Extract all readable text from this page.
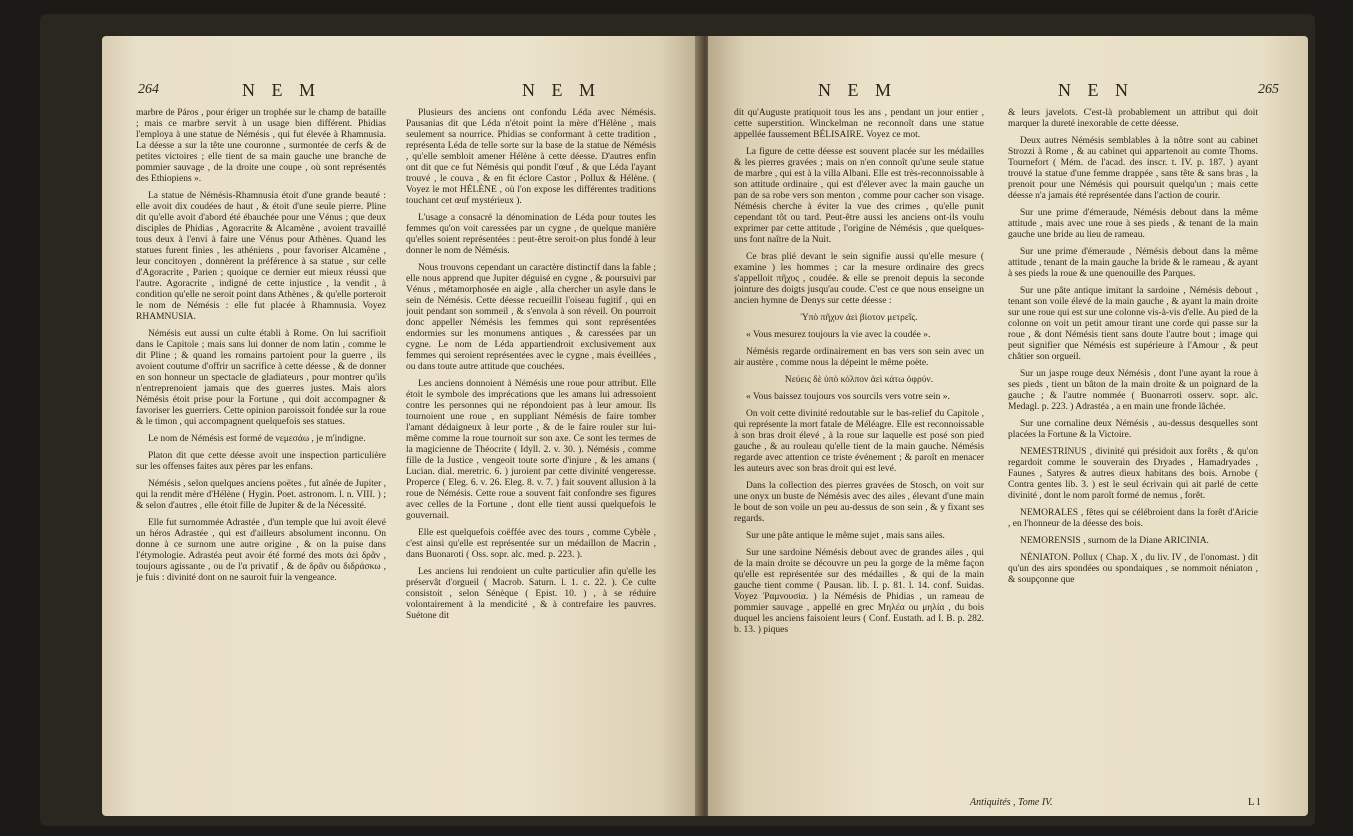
264	N E M	N E M

marbre de Páros , pour ériger un trophée sur le champ de bataille ; mais ce marbre servit à un usage bien différent. Phidias l'employa à une statue de Némésis , qui fut élevée à Rhamnusia. La déesse a sur la tête une couronne , surmontée de cerfs & de petites victoires ; elle tient de sa main gauche une branche de pommier sauvage , de la droite une coupe , où sont représentés des Ethiopiens ».

La statue de Némésis-Rhamnusia étoit d'une grande beauté : elle avoit dix coudées de haut , & étoit d'une seule pierre. Pline dit qu'elle avoit d'abord été ébauchée pour une Vénus ; que deux disciples de Phidias , Agoracrite & Alcamène , avoient travaillé tous deux à l'envi à faire une Vénus pour Athènes. Quand les statues furent finies , les athéniens , pour favoriser Alcamène , leur concitoyen , donnèrent la préférence à sa statue , sur celle d'Agoracrite , Parien ; quoique ce dernier eut mieux réussi que l'autre. Agoracrite , indigné de cette injustice , la vendit , à condition qu'elle ne seroit point dans Athènes , & qu'elle porteroit le nom de Némésis : elle fut placée à Rhamnusia. Voyez RHAMNUSIA.

Némésis eut aussi un culte établi à Rome. On lui sacrifioit dans le Capitole ; mais sans lui donner de nom latin , comme le dit Pline ; & quand les romains partoient pour la guerre , ils avoient coutume d'offrir un sacrifice à cette déesse , & de donner en son honneur un spectacle de gladiateurs , pour montrer qu'ils n'entreprenoient jamais que des guerres justes. Mais alors Némésis étoit prise pour la Fortune , qui doit accompagner & favoriser les guerriers. Cette opinion paroissoit fondée sur la roue & le timon , qui accompagnent quelquefois ses statues.

Le nom de Némésis est formé de νεμεσάω , je m'indigne.

Platon dit que cette déesse avoit une inspection particulière sur les offenses faites aux pères par les enfans.

Némésis , selon quelques anciens poëtes , fut aînée de Jupiter , qui la rendit mère d'Hélène ( Hygin. Poet. astronom. l. n. VIII. ) ; & selon d'autres , elle étoit fille de Jupiter & de la Nécessité.

Elle fut surnommée Adrastée , d'un temple que lui avoit élevé un héros Adrastée , qui est d'ailleurs absolument inconnu. On donne à ce surnom une autre origine , & on la puise dans l'étymologie. Adrastéa peut avoir été formé des mots ἀεὶ δρᾶν , toujours agissante , ou de l'α privatif , & de δρᾶν ou διδράσκω , je fuis : divinité dont on ne sauroit fuir la vengeance.

Plusieurs des anciens ont confondu Léda avec Némésis. Pausanias dit que Léda n'étoit point la mère d'Hélène , mais seulement sa nourrice. Phidias se conformant à cette tradition , représenta Léda de telle sorte sur la base de la statue de Némésis , qu'elle sembloit amener Hélène à cette déesse. D'autres enfin ont dit que ce fut Némésis qui pondit l'œuf , & que Léda l'ayant trouvé , le couva , & en fit éclore Castor , Pollux & Hélène. ( Voyez le mot HÉLÈNE , où l'on expose les différentes traditions touchant cet œuf mystérieux ).

L'usage a consacré la dénomination de Léda pour toutes les femmes qu'on voit caressées par un cygne , de quelque manière qu'elles soient représentées : peut-être seroit-on plus fondé à leur donner le nom de Némésis.

Nous trouvons cependant un caractère distinctif dans la fable ; elle nous apprend que Jupiter déguisé en cygne , & poursuivi par Vénus , métamorphosée en aigle , alla chercher un asyle dans le sein de Némésis. Cette déesse recueillit l'oiseau fugitif , qui en jouit pendant son sommeil , & s'envola à son réveil. On pourroit donc appeller Némésis les femmes qui sont représentées endormies sur les monumens antiques , & caressées par un cygne. Le nom de Léda appartiendroit exclusivement aux femmes qui seroient représentées avec le cygne , mais éveillées , ou dans toute autre attitude que couchées.

Les anciens donnoient à Némésis une roue pour attribut. Elle étoit le symbole des imprécations que les amans lui adressoient contre les personnes qui ne répondoient pas à leur amour. Ils tournoient une roue , en suppliant Némésis de faire tomber l'amant dédaigneux à leur porte , & de le faire rouler sur lui-même comme la roue tournoit sur son axe. Ce sont les termes de la magicienne de Théocrite ( Idyll. 2. v. 30. ). Némésis , comme fille de la Justice , vengeoit toute sorte d'injure , & les amans ( Lucian. dial. meretric. 6. ) juroient par cette divinité vengeresse. Properce ( Eleg. 6. v. 26. Eleg. 8. v. 7. ) fait souvent allusion à la roue de Némésis. Cette roue a souvent fait confondre ses figures avec celles de la Fortune , dont elle tient aussi quelquefois le gouvernail.

Elle est quelquefois coëffée avec des tours , comme Cybèle , c'est ainsi qu'elle est représentée sur un médaillon de Macrin , dans Buonaroti ( Oss. sopr. alc. med. p. 223. ).

Les anciens lui rendoient un culte particulier afin qu'elle les préservât d'orgueil ( Macrob. Saturn. l. 1. c. 22. ). Ce culte consistoit , selon Sénèque ( Epist. 10. ) , à se réduire volontairement à la mendicité , & à contrefaire les pauvres. Suétone dit

N E M	N E N	265

dit qu'Auguste pratiquoit tous les ans , pendant un jour entier , cette superstition. Winckelman ne reconnoît dans une statue appellée faussement BÉLISAIRE. Voyez ce mot.

La figure de cette déesse est souvent placée sur les médailles & les pierres gravées ; mais on n'en connoît qu'une seule statue de marbre , qui est à la villa Albani. Elle est très-reconnoissable à son attitude ordinaire , qui est d'élever avec la main gauche un pan de sa robe vers son menton , comme pour cacher son visage. Némésis cherche à éviter la vue des crimes , qu'elle punit cependant tôt ou tard. Peut-être aussi les anciens ont-ils voulu exprimer par cette attitude , l'origine de Némésis , que quelques-uns font naître de la Nuit.

Ce bras plié devant le sein signifie aussi qu'elle mesure ( examine ) les hommes ; car la mesure ordinaire des grecs s'appelloit πῆχυς , coudée. & elle se prenoit depuis la seconde jointure des doigts jusqu'au coude. C'est ce que nous enseigne un ancien hymne de Denys sur cette déesse :

Ὑπὸ πῆχυν ἀεὶ βίοτον μετρεῖς.

« Vous mesurez toujours la vie avec la coudée ».

Némésis regarde ordinairement en bas vers son sein avec un air austère , comme nous la dépeint le même poëte.

Νεύεις δὲ ὑπὸ κόλπον ἀεὶ κάτω ὀφρύν.

« Vous baissez toujours vos sourcils vers votre sein ».

On voit cette divinité redoutable sur le bas-relief du Capitole , qui représente la mort fatale de Méléagre. Elle est reconnoissable à son bras droit élevé , à la roue sur laquelle est posé son pied gauche , & au rouleau qu'elle tient de la main gauche. Némésis regarde avec attention ce triste événement ; & paroît en menacer les auteurs avec son bras droit qui est levé.

Dans la collection des pierres gravées de Stosch, on voit sur une onyx un buste de Némésis avec des ailes , élevant d'une main le bout de son voile un peu au-dessus de son sein , & y fixant ses regards.

Sur une pâte antique le même sujet , mais sans ailes.

Sur une sardoine Némésis debout avec de grandes ailes , qui de la main droite se découvre un peu la gorge de la même façon qu'elle est représentée sur des médailles , & qui de la main gauche tient comme ( Pausan. lib. I. p. 81. l. 14. conf. Suidas. Voyez Ῥαμνουσία. ) la Némésis de Phidias , un rameau de pommier sauvage , appellé en grec Μηλέα ou μηλία , du bois duquel les anciens faisoient leurs ( Conf. Eustath. ad I. B. p. 282. b. 13. ) piques

& leurs javelots. C'est-là probablement un attribut qui doit marquer la dureté inexorable de cette déesse.

Deux autres Némésis semblables à la nôtre sont au cabinet Strozzi à Rome , & au cabinet qui appartenoit au comte Thoms. Tournefort ( Mém. de l'acad. des inscr. t. IV. p. 187. ) ayant trouvé la statue d'une femme drappée , sans tête & sans bras , la prenoit pour une Némésis qui poursuit quelqu'un ; mais cette déesse n'a jamais été représentée dans l'action de courir.

Sur une prime d'émeraude, Némésis debout dans la même attitude , mais avec une roue à ses pieds , & tenant de la main gauche une bride au lieu de rameau.

Sur une prime d'émeraude , Némésis debout dans la même attitude , tenant de la main gauche la bride & le rameau , & ayant à ses pieds la roue & une quenouille des Parques.

Sur une pâte antique imitant la sardoine , Némésis debout , tenant son voile élevé de la main gauche , & ayant la main droite sur une roue qui est sur une colonne vis-à-vis d'elle. Au pied de la colonne on voit un petit amour tirant une corde qui passe sur la roue , & dont Némésis tient sans doute l'autre bout ; image qui peut signifier que Némésis est supérieure à l'Amour , & peut châtier son orgueil.

Sur un jaspe rouge deux Némésis , dont l'une ayant la roue à ses pieds , tient un bâton de la main droite & un poignard de la gauche ; & l'autre nommée ( Buonarroti osserv. sopr. alc. Medagl. p. 223. ) Adrastéa , a en main une fronde lâchée.

Sur une cornaline deux Némésis , au-dessus desquelles sont placées la Fortune & la Victoire.

NEMESTRINUS , divinité qui présidoit aux forêts , & qu'on regardoit comme le souverain des Dryades , Hamadryades , Faunes , Satyres & autres dieux habitans des bois. Arnobe ( Contra gentes lib. 3. ) est le seul écrivain qui ait parlé de cette divinité , dont le nom paroît formé de nemus , forêt.

NEMORALES , fêtes qui se célébroient dans la forêt d'Aricie , en l'honneur de la déesse des bois.

NEMORENSIS , surnom de la Diane ARICINIA.

NÉNIATON. Pollux ( Chap. X , du liv. IV , de l'onomast. ) dit qu'un des airs spondées ou spondaiques , se nommoit néniaton , & soupçonne que

Antiquités , Tome IV.	L l
